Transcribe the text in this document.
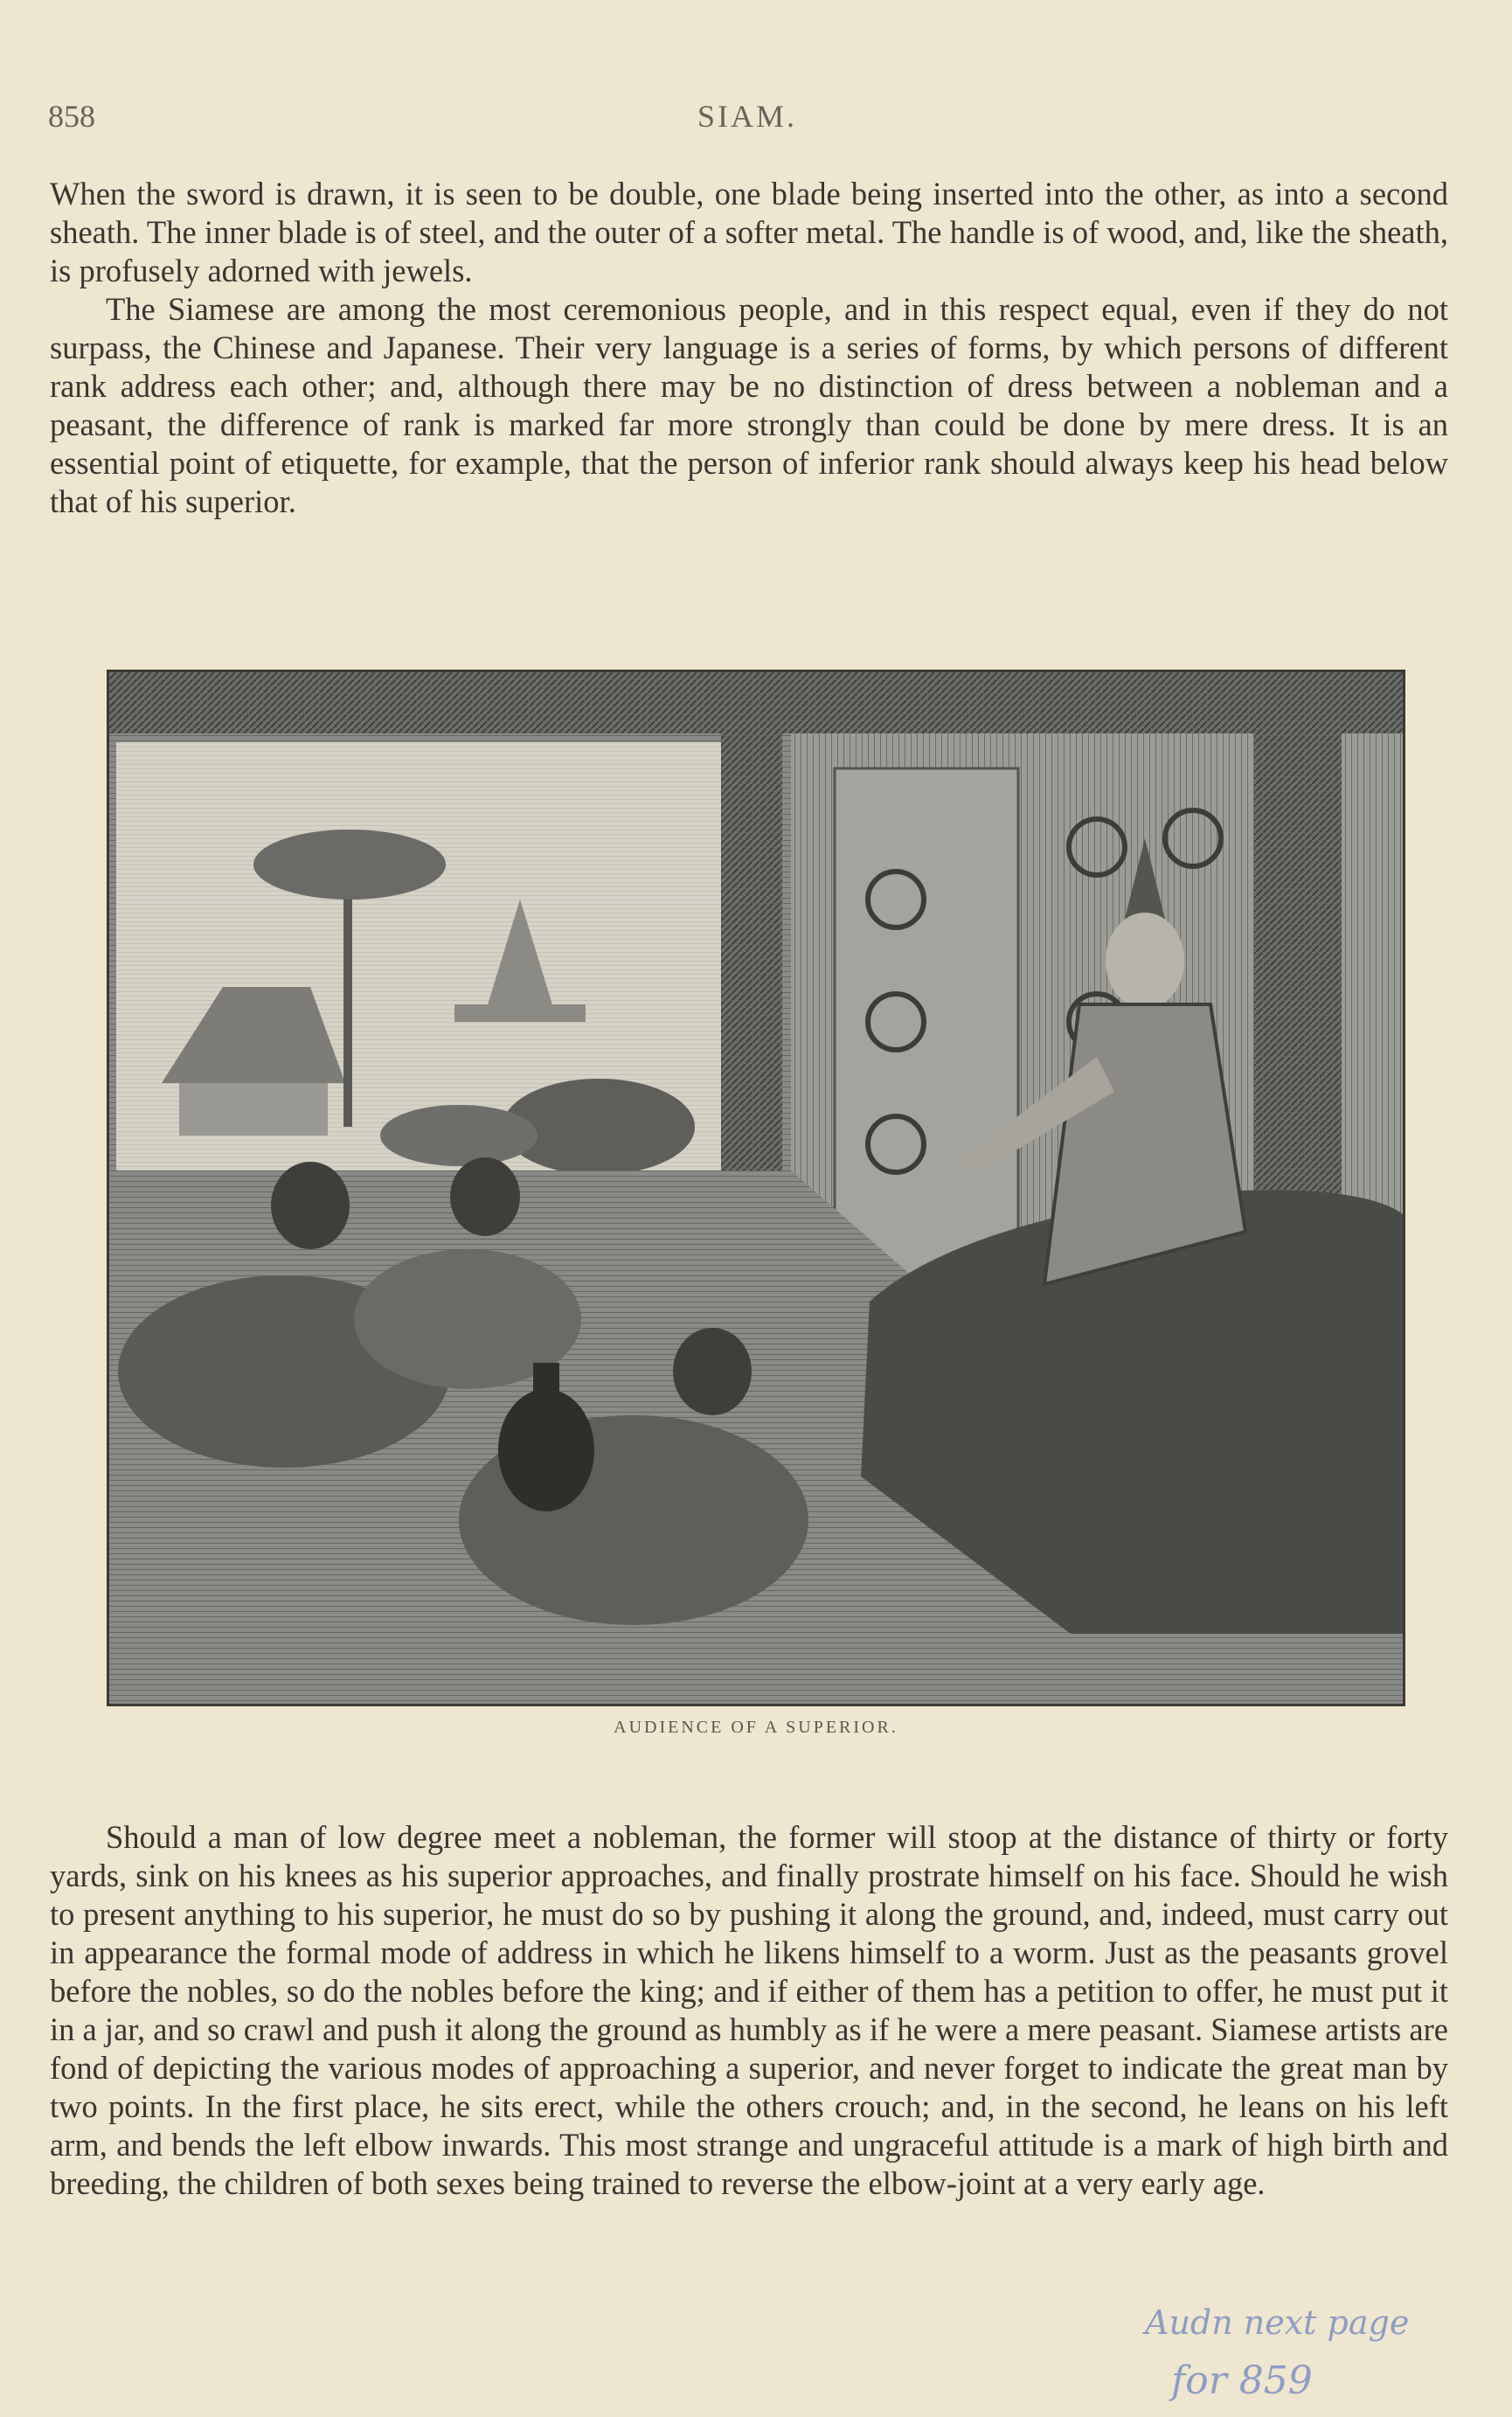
858	SIAM.

When the sword is drawn, it is seen to be double, one blade being inserted into the other, as into a second sheath. The inner blade is of steel, and the outer of a softer metal. The handle is of wood, and, like the sheath, is profusely adorned with jewels.

The Siamese are among the most ceremonious people, and in this respect equal, even if they do not surpass, the Chinese and Japanese. Their very language is a series of forms, by which persons of different rank address each other; and, although there may be no distinction of dress between a nobleman and a peasant, the difference of rank is marked far more strongly than could be done by mere dress. It is an essential point of etiquette, for example, that the person of inferior rank should always keep his head below that of his superior.

AUDIENCE OF A SUPERIOR.

Should a man of low degree meet a nobleman, the former will stoop at the distance of thirty or forty yards, sink on his knees as his superior approaches, and finally prostrate himself on his face. Should he wish to present anything to his superior, he must do so by pushing it along the ground, and, indeed, must carry out in appearance the formal mode of address in which he likens himself to a worm. Just as the peasants grovel before the nobles, so do the nobles before the king; and if either of them has a petition to offer, he must put it in a jar, and so crawl and push it along the ground as humbly as if he were a mere peasant. Siamese artists are fond of depicting the various modes of approaching a superior, and never forget to indicate the great man by two points. In the first place, he sits erect, while the others crouch; and, in the second, he leans on his left arm, and bends the left elbow inwards. This most strange and ungraceful attitude is a mark of high birth and breeding, the children of both sexes being trained to reverse the elbow-joint at a very early age.

Audn next page
for 859
